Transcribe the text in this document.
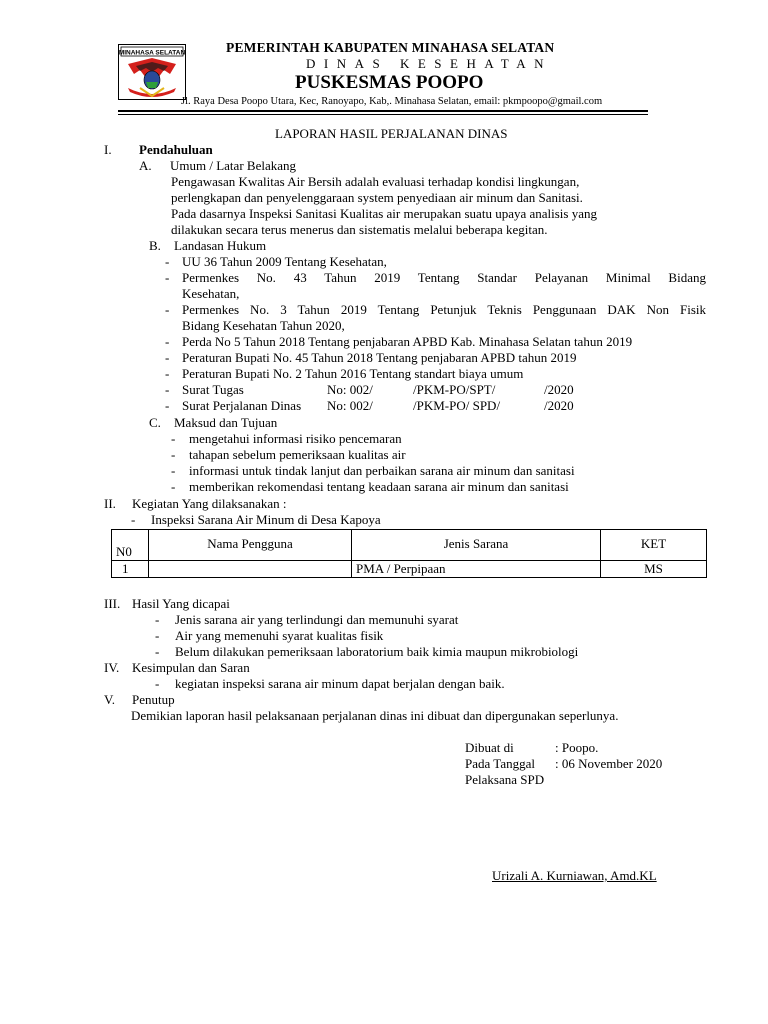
MINAHASA SELATAN	PEMERINTAH KABUPATEN MINAHASA SELATAN
DINAS KESEHATAN
PUSKESMAS POOPO
Jl. Raya Desa Poopo Utara, Kec, Ranoyapo, Kab,. Minahasa Selatan, email: pkmpoopo@gmail.com
LAPORAN HASIL PERJALANAN DINAS
I. Pendahuluan
A. Umum / Latar Belakang
Pengawasan Kwalitas Air Bersih adalah evaluasi terhadap kondisi lingkungan,
perlengkapan dan penyelenggaraan system penyediaan air minum dan Sanitasi.
Pada dasarnya Inspeksi Sanitasi Kualitas air merupakan suatu upaya analisis yang
dilakukan secara terus menerus dan sistematis melalui beberapa kegitan.
B. Landasan Hukum
- UU 36 Tahun 2009 Tentang Kesehatan,
- Permenkes No. 43 Tahun 2019 Tentang Standar Pelayanan Minimal Bidang
Kesehatan,
- Permenkes No. 3 Tahun 2019 Tentang Petunjuk Teknis Penggunaan DAK Non Fisik
Bidang Kesehatan Tahun 2020,
- Perda No 5 Tahun 2018 Tentang penjabaran APBD Kab. Minahasa Selatan tahun 2019
- Peraturan Bupati No. 45 Tahun 2018 Tentang penjabaran APBD tahun 2019
- Peraturan Bupati No. 2 Tahun 2016 Tentang standart biaya umum
- Surat Tugas	No: 002/	/PKM-PO/SPT/	/2020
- Surat Perjalanan Dinas No: 002/	/PKM-PO/ SPD/	/2020
C. Maksud dan Tujuan
- mengetahui informasi risiko pencemaran
- tahapan sebelum pemeriksaan kualitas air
- informasi untuk tindak lanjut dan perbaikan sarana air minum dan sanitasi
- memberikan rekomendasi tentang keadaan sarana air minum dan sanitasi
II. Kegiatan Yang dilaksanakan :
- Inspeksi Sarana Air Minum di Desa Kapoya
N0	Nama Pengguna	Jenis Sarana	KET
1		PMA / Perpipaan	MS
III. Hasil Yang dicapai
- Jenis sarana air yang terlindungi dan memunuhi syarat
- Air yang memenuhi syarat kualitas fisik
- Belum dilakukan pemeriksaan laboratorium baik kimia maupun mikrobiologi
IV. Kesimpulan dan Saran
- kegiatan inspeksi sarana air minum dapat berjalan dengan baik.
V. Penutup
Demikian laporan hasil pelaksanaan perjalanan dinas ini dibuat dan dipergunakan seperlunya.
Dibuat di	: Poopo.
Pada Tanggal : 06 November 2020
Pelaksana SPD
Urizali A. Kurniawan, Amd.KL
